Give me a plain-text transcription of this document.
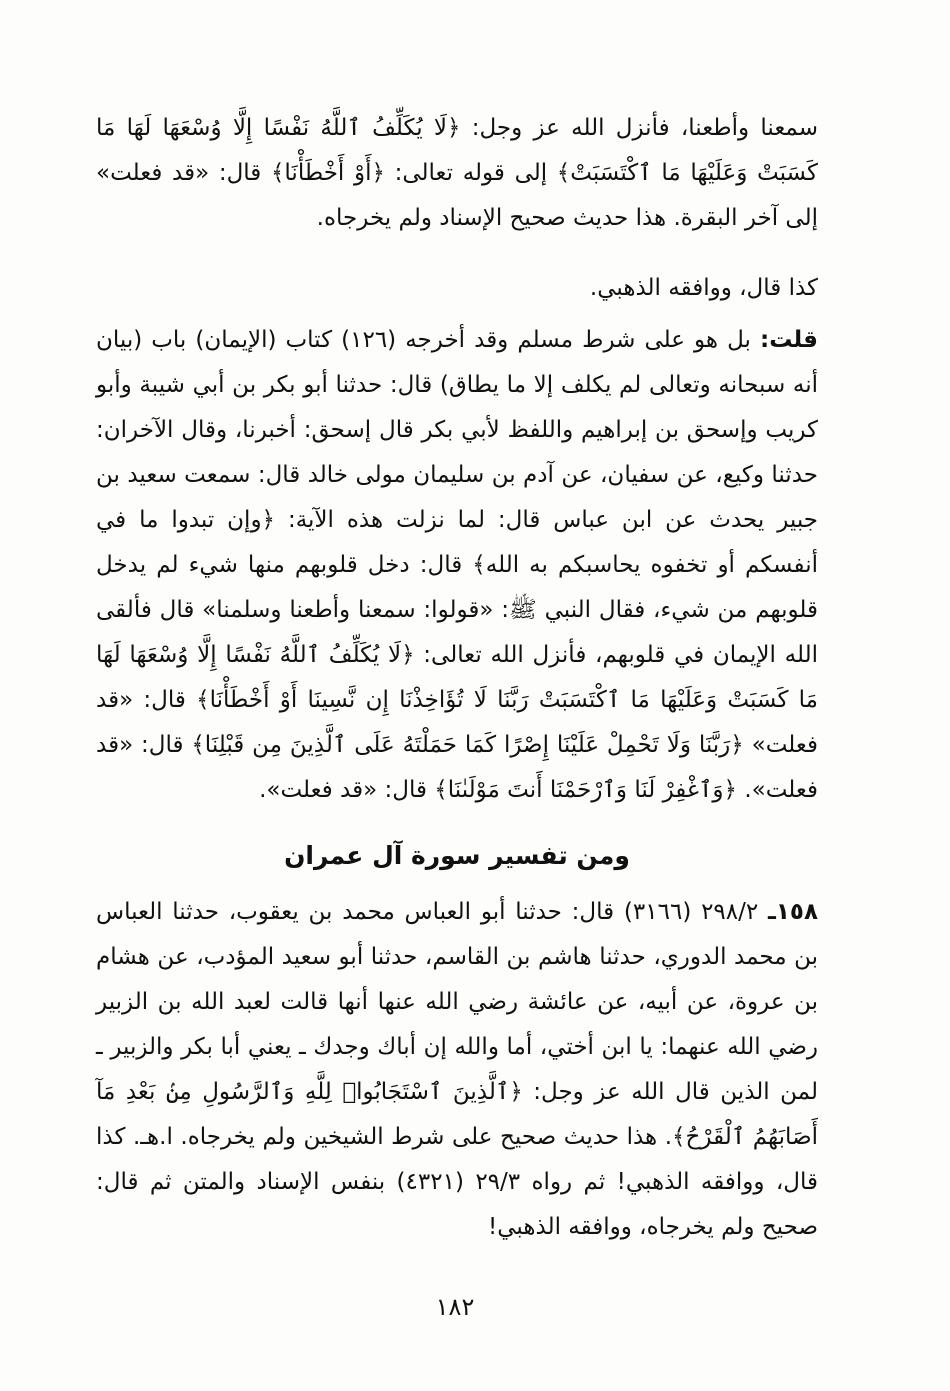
سمعنا وأطعنا، فأنزل الله عز وجل: ﴿لَا يُكَلِّفُ ٱللَّهُ نَفْسًا إِلَّا وُسْعَهَا لَهَا مَا كَسَبَتْ وَعَلَيْهَا مَا ٱكْتَسَبَتْ﴾ إلى قوله تعالى: ﴿أَوْ أَخْطَأْنَا﴾ قال: «قد فعلت» إلى آخر البقرة. هذا حديث صحيح الإسناد ولم يخرجاه.
كذا قال، ووافقه الذهبي.
قلت: بل هو على شرط مسلم وقد أخرجه (١٢٦) كتاب (الإيمان) باب (بيان أنه سبحانه وتعالى لم يكلف إلا ما يطاق) قال: حدثنا أبو بكر بن أبي شيبة وأبو كريب وإسحق بن إبراهيم واللفظ لأبي بكر قال إسحق: أخبرنا، وقال الآخران: حدثنا وكيع، عن سفيان، عن آدم بن سليمان مولى خالد قال: سمعت سعيد بن جبير يحدث عن ابن عباس قال: لما نزلت هذه الآية: ﴿وإن تبدوا ما في أنفسكم أو تخفوه يحاسبكم به الله﴾ قال: دخل قلوبهم منها شيء لم يدخل قلوبهم من شيء، فقال النبي ﷺ: «قولوا: سمعنا وأطعنا وسلمنا» قال فألقى الله الإيمان في قلوبهم، فأنزل الله تعالى: ﴿لَا يُكَلِّفُ ٱللَّهُ نَفْسًا إِلَّا وُسْعَهَا لَهَا مَا كَسَبَتْ وَعَلَيْهَا مَا ٱكْتَسَبَتْ رَبَّنَا لَا تُؤَاخِذْنَا إِن نَّسِينَا أَوْ أَخْطَأْنَا﴾ قال: «قد فعلت» ﴿رَبَّنَا وَلَا تَحْمِلْ عَلَيْنَا إِصْرًا كَمَا حَمَلْتَهُ عَلَى ٱلَّذِينَ مِن قَبْلِنَا﴾ قال: «قد فعلت». ﴿وَٱغْفِرْ لَنَا وَٱرْحَمْنَا أَنتَ مَوْلَىٰنَا﴾ قال: «قد فعلت».
ومن تفسير سورة آل عمران
١٥٨ـ ٢٩٨/٢ (٣١٦٦) قال: حدثنا أبو العباس محمد بن يعقوب، حدثنا العباس بن محمد الدوري، حدثنا هاشم بن القاسم، حدثنا أبو سعيد المؤدب، عن هشام بن عروة، عن أبيه، عن عائشة رضي الله عنها أنها قالت لعبد الله بن الزبير رضي الله عنهما: يا ابن أختي، أما والله إن أباك وجدك ـ يعني أبا بكر والزبير ـ لمن الذين قال الله عز وجل: ﴿ٱلَّذِينَ ٱسْتَجَابُوا۟ لِلَّهِ وَٱلرَّسُولِ مِنۢ بَعْدِ مَآ أَصَابَهُمُ ٱلْقَرْحُ﴾. هذا حديث صحيح على شرط الشيخين ولم يخرجاه. ا.هـ. كذا قال، ووافقه الذهبي! ثم رواه ٢٩/٣ (٤٣٢١) بنفس الإسناد والمتن ثم قال: صحيح ولم يخرجاه، ووافقه الذهبي!
١٨٢
